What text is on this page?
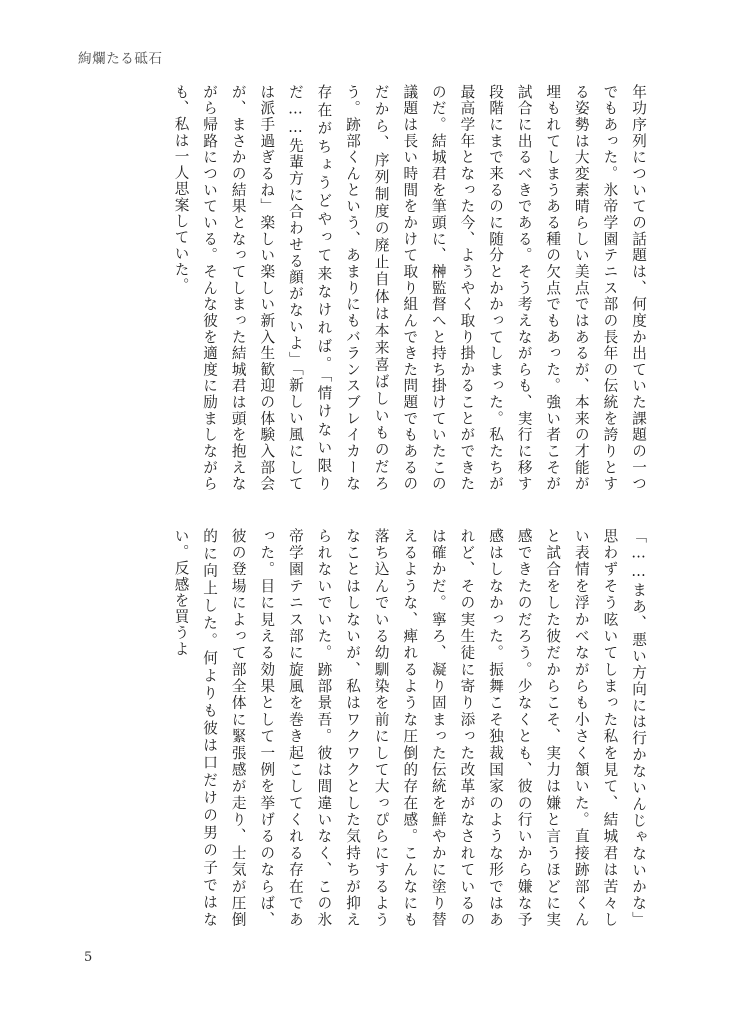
絢爛たる砥石

年功序列についての話題は、何度か出ていた課題の一つでもあった。氷帝学園テニス部の長年の伝統を誇りとする姿勢は大変素晴らしい美点ではあるが、本来の才能が埋もれてしまうある種の欠点でもあった。強い者こそが試合に出るべきである。そう考えながらも、実行に移す段階にまで来るのに随分とかかってしまった。私たちが最高学年となった今、ようやく取り掛かることができたのだ。結城君を筆頭に、榊監督へと持ち掛けていたこの議題は長い時間をかけて取り組んできた問題でもあるのだから、序列制度の廃止自体は本来喜ばしいものだろう。跡部くんという、あまりにもバランスブレイカーな存在がちょうどやって来なければ。「情けない限りだ……先輩方に合わせる顔がないよ」「新しい風にしては派手過ぎるね」楽しい楽しい新入生歓迎の体験入部会が、まさかの結果となってしまった結城君は頭を抱えながら帰路についている。そんな彼を適度に励ましながらも、私は一人思案していた。

「……まあ、悪い方向には行かないんじゃないかな」思わずそう呟いてしまった私を見て、結城君は苦々しい表情を浮かべながらも小さく頷いた。直接跡部くんと試合をした彼だからこそ、実力は嫌と言うほどに実感できたのだろう。少なくとも、彼の行いから嫌な予感はしなかった。振舞こそ独裁国家のような形ではあれど、その実生徒に寄り添った改革がなされているのは確かだ。寧ろ、凝り固まった伝統を鮮やかに塗り替えるような、痺れるような圧倒的存在感。こんなにも落ち込んでいる幼馴染を前にして大っぴらにするようなことはしないが、私はワクワクとした気持ちが抑えられないでいた。跡部景吾。彼は間違いなく、この氷帝学園テニス部に旋風を巻き起こしてくれる存在であった。目に見える効果として一例を挙げるのならば、彼の登場によって部全体に緊張感が走り、士気が圧倒的に向上した。何よりも彼は口だけの男の子ではない。反感を買うよ

5
